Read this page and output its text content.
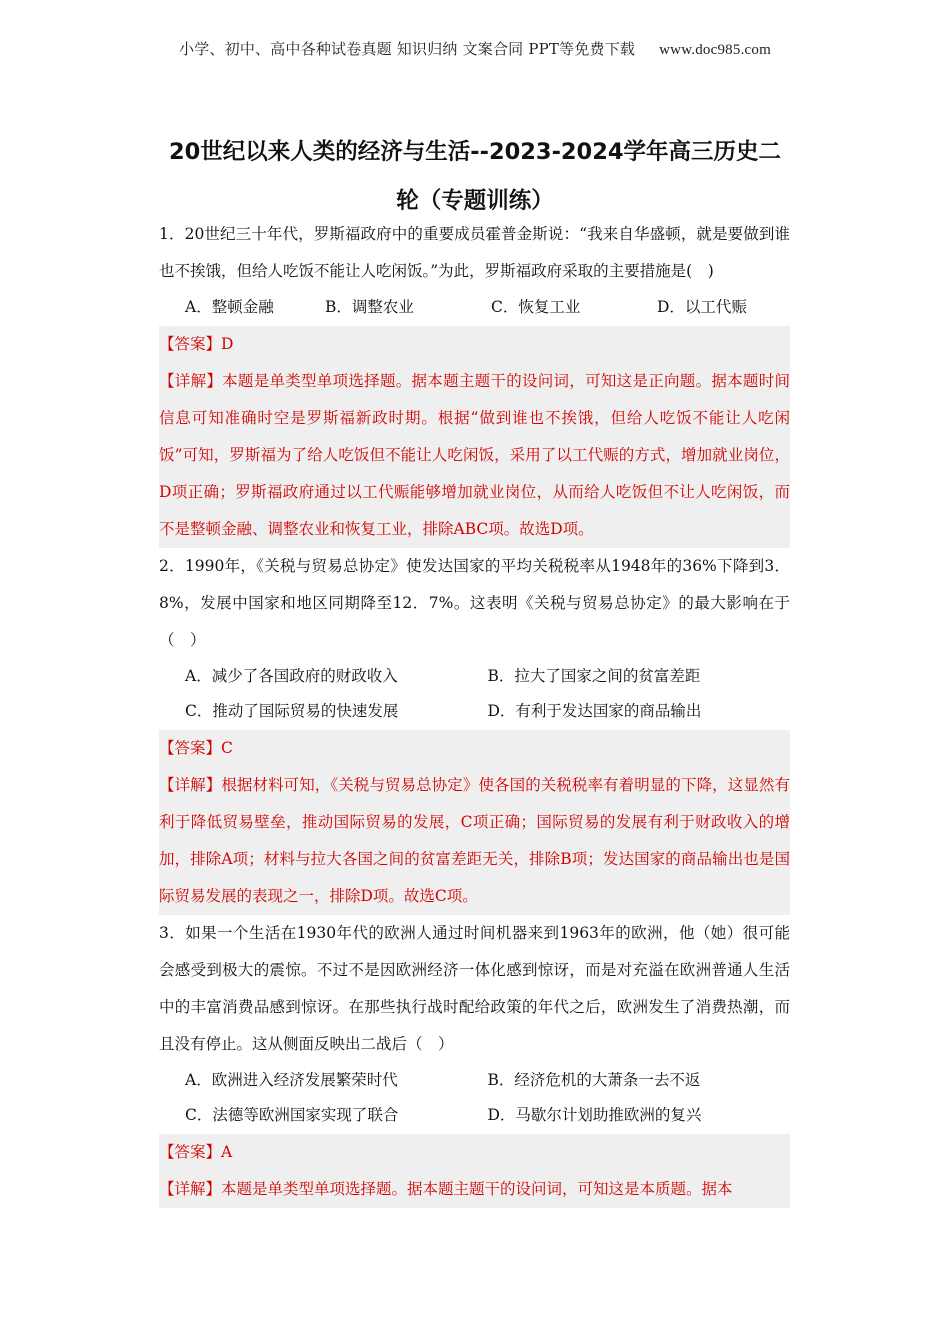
小学、初中、高中各种试卷真题 知识归纳 文案合同 PPT等免费下载 www.doc985.com
20世纪以来人类的经济与生活--2023-2024学年高三历史二
轮（专题训练）
1．20世纪三十年代，罗斯福政府中的重要成员霍普金斯说：“我来自华盛顿，就是要做到谁也不挨饿，但给人吃饭不能让人吃闲饭。”为此，罗斯福政府采取的主要措施是(　)
A．整顿金融	B．调整农业	C．恢复工业	D．以工代赈
【答案】D
【详解】本题是单类型单项选择题。据本题主题干的设问词，可知这是正向题。据本题时间信息可知准确时空是罗斯福新政时期。根据“做到谁也不挨饿，但给人吃饭不能让人吃闲饭”可知，罗斯福为了给人吃饭但不能让人吃闲饭，采用了以工代赈的方式，增加就业岗位，D项正确；罗斯福政府通过以工代赈能够增加就业岗位，从而给人吃饭但不让人吃闲饭，而不是整顿金融、调整农业和恢复工业，排除ABC项。故选D项。
2．1990年，《关税与贸易总协定》使发达国家的平均关税税率从1948年的36%下降到3．8%，发展中国家和地区同期降至12．7%。这表明《关税与贸易总协定》的最大影响在于（　）
A．减少了各国政府的财政收入	B．拉大了国家之间的贫富差距
C．推动了国际贸易的快速发展	D．有利于发达国家的商品输出
【答案】C
【详解】根据材料可知，《关税与贸易总协定》使各国的关税税率有着明显的下降，这显然有利于降低贸易壁垒，推动国际贸易的发展，C项正确；国际贸易的发展有利于财政收入的增加，排除A项；材料与拉大各国之间的贫富差距无关，排除B项；发达国家的商品输出也是国际贸易发展的表现之一，排除D项。故选C项。
3．如果一个生活在1930年代的欧洲人通过时间机器来到1963年的欧洲，他（她）很可能会感受到极大的震惊。不过不是因欧洲经济一体化感到惊讶，而是对充溢在欧洲普通人生活中的丰富消费品感到惊讶。在那些执行战时配给政策的年代之后，欧洲发生了消费热潮，而且没有停止。这从侧面反映出二战后（　）
A．欧洲进入经济发展繁荣时代	B．经济危机的大萧条一去不返
C．法德等欧洲国家实现了联合	D．马歇尔计划助推欧洲的复兴
【答案】A
【详解】本题是单类型单项选择题。据本题主题干的设问词，可知这是本质题。据本
